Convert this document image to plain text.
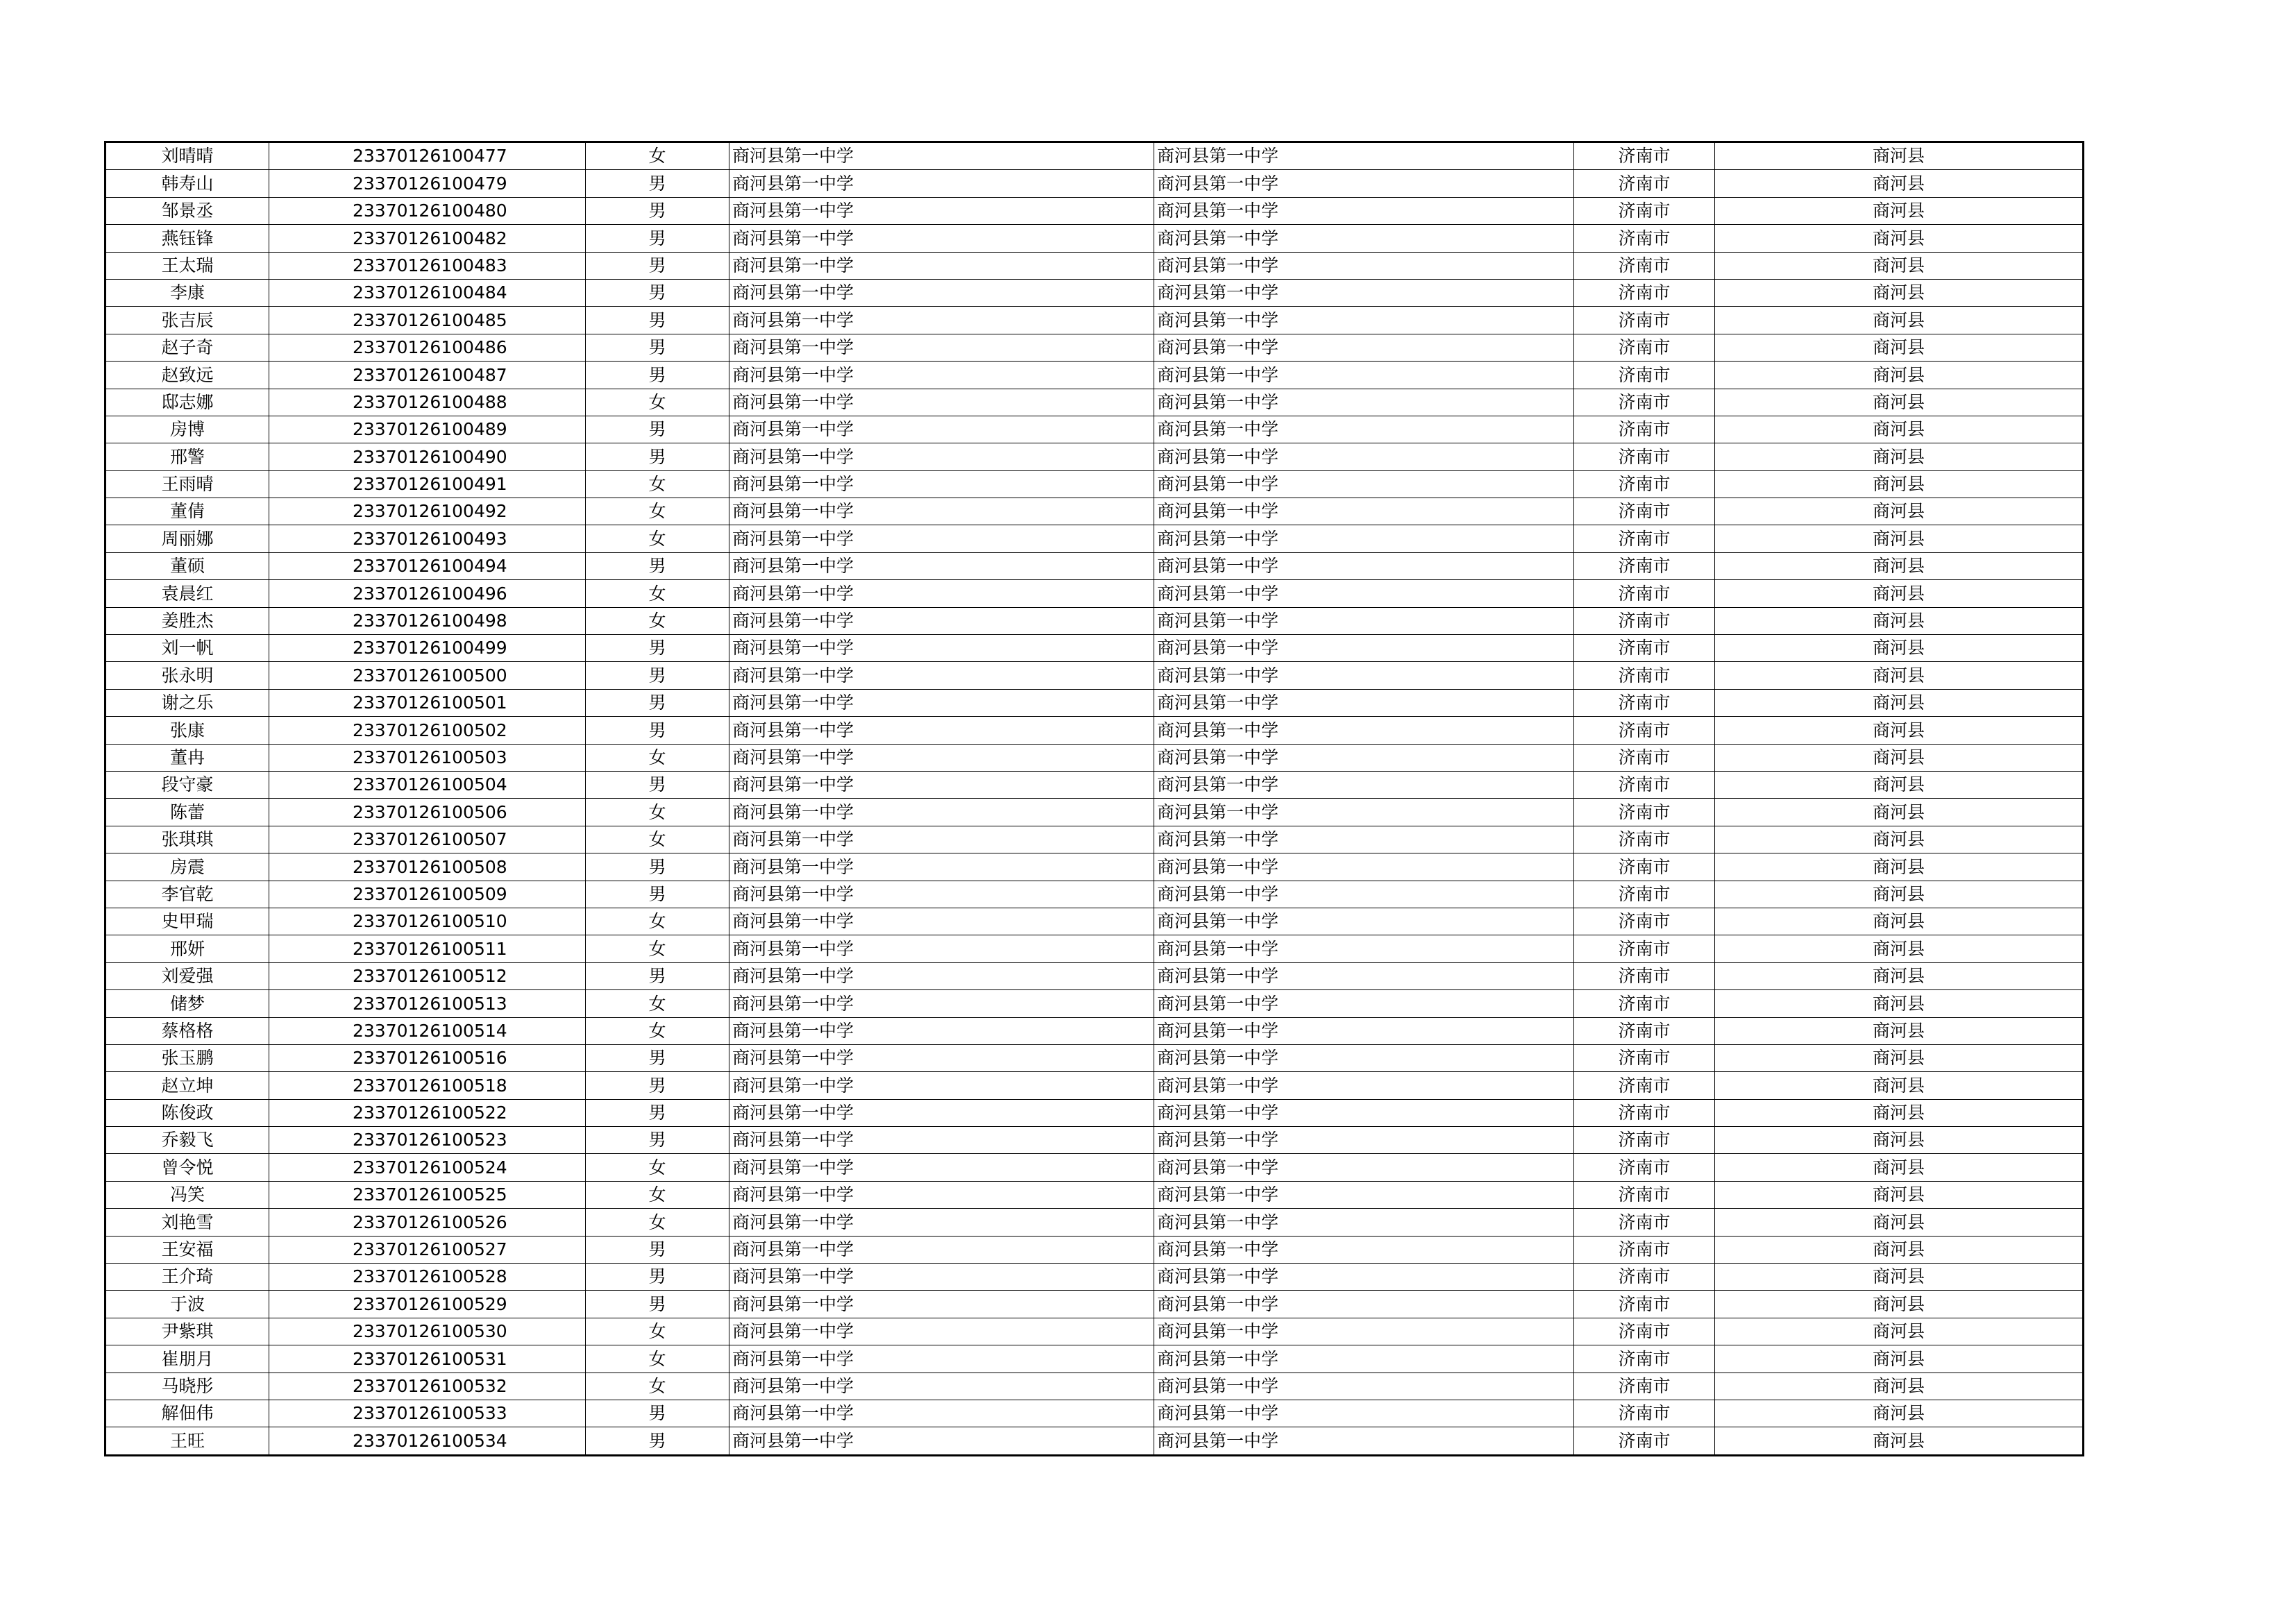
刘晴晴	23370126100477	女	商河县第一中学	商河县第一中学	济南市	商河县
韩寿山	23370126100479	男	商河县第一中学	商河县第一中学	济南市	商河县
邹景丞	23370126100480	男	商河县第一中学	商河县第一中学	济南市	商河县
燕钰锋	23370126100482	男	商河县第一中学	商河县第一中学	济南市	商河县
王太瑞	23370126100483	男	商河县第一中学	商河县第一中学	济南市	商河县
李康	23370126100484	男	商河县第一中学	商河县第一中学	济南市	商河县
张吉辰	23370126100485	男	商河县第一中学	商河县第一中学	济南市	商河县
赵子奇	23370126100486	男	商河县第一中学	商河县第一中学	济南市	商河县
赵致远	23370126100487	男	商河县第一中学	商河县第一中学	济南市	商河县
邸志娜	23370126100488	女	商河县第一中学	商河县第一中学	济南市	商河县
房博	23370126100489	男	商河县第一中学	商河县第一中学	济南市	商河县
邢警	23370126100490	男	商河县第一中学	商河县第一中学	济南市	商河县
王雨晴	23370126100491	女	商河县第一中学	商河县第一中学	济南市	商河县
董倩	23370126100492	女	商河县第一中学	商河县第一中学	济南市	商河县
周丽娜	23370126100493	女	商河县第一中学	商河县第一中学	济南市	商河县
董硕	23370126100494	男	商河县第一中学	商河县第一中学	济南市	商河县
袁晨红	23370126100496	女	商河县第一中学	商河县第一中学	济南市	商河县
姜胜杰	23370126100498	女	商河县第一中学	商河县第一中学	济南市	商河县
刘一帆	23370126100499	男	商河县第一中学	商河县第一中学	济南市	商河县
张永明	23370126100500	男	商河县第一中学	商河县第一中学	济南市	商河县
谢之乐	23370126100501	男	商河县第一中学	商河县第一中学	济南市	商河县
张康	23370126100502	男	商河县第一中学	商河县第一中学	济南市	商河县
董冉	23370126100503	女	商河县第一中学	商河县第一中学	济南市	商河县
段守豪	23370126100504	男	商河县第一中学	商河县第一中学	济南市	商河县
陈蕾	23370126100506	女	商河县第一中学	商河县第一中学	济南市	商河县
张琪琪	23370126100507	女	商河县第一中学	商河县第一中学	济南市	商河县
房震	23370126100508	男	商河县第一中学	商河县第一中学	济南市	商河县
李官乾	23370126100509	男	商河县第一中学	商河县第一中学	济南市	商河县
史甲瑞	23370126100510	女	商河县第一中学	商河县第一中学	济南市	商河县
邢妍	23370126100511	女	商河县第一中学	商河县第一中学	济南市	商河县
刘爱强	23370126100512	男	商河县第一中学	商河县第一中学	济南市	商河县
储梦	23370126100513	女	商河县第一中学	商河县第一中学	济南市	商河县
蔡格格	23370126100514	女	商河县第一中学	商河县第一中学	济南市	商河县
张玉鹏	23370126100516	男	商河县第一中学	商河县第一中学	济南市	商河县
赵立坤	23370126100518	男	商河县第一中学	商河县第一中学	济南市	商河县
陈俊政	23370126100522	男	商河县第一中学	商河县第一中学	济南市	商河县
乔毅飞	23370126100523	男	商河县第一中学	商河县第一中学	济南市	商河县
曾令悦	23370126100524	女	商河县第一中学	商河县第一中学	济南市	商河县
冯笑	23370126100525	女	商河县第一中学	商河县第一中学	济南市	商河县
刘艳雪	23370126100526	女	商河县第一中学	商河县第一中学	济南市	商河县
王安福	23370126100527	男	商河县第一中学	商河县第一中学	济南市	商河县
王介琦	23370126100528	男	商河县第一中学	商河县第一中学	济南市	商河县
于波	23370126100529	男	商河县第一中学	商河县第一中学	济南市	商河县
尹紫琪	23370126100530	女	商河县第一中学	商河县第一中学	济南市	商河县
崔朋月	23370126100531	女	商河县第一中学	商河县第一中学	济南市	商河县
马晓彤	23370126100532	女	商河县第一中学	商河县第一中学	济南市	商河县
解佃伟	23370126100533	男	商河县第一中学	商河县第一中学	济南市	商河县
王旺	23370126100534	男	商河县第一中学	商河县第一中学	济南市	商河县
